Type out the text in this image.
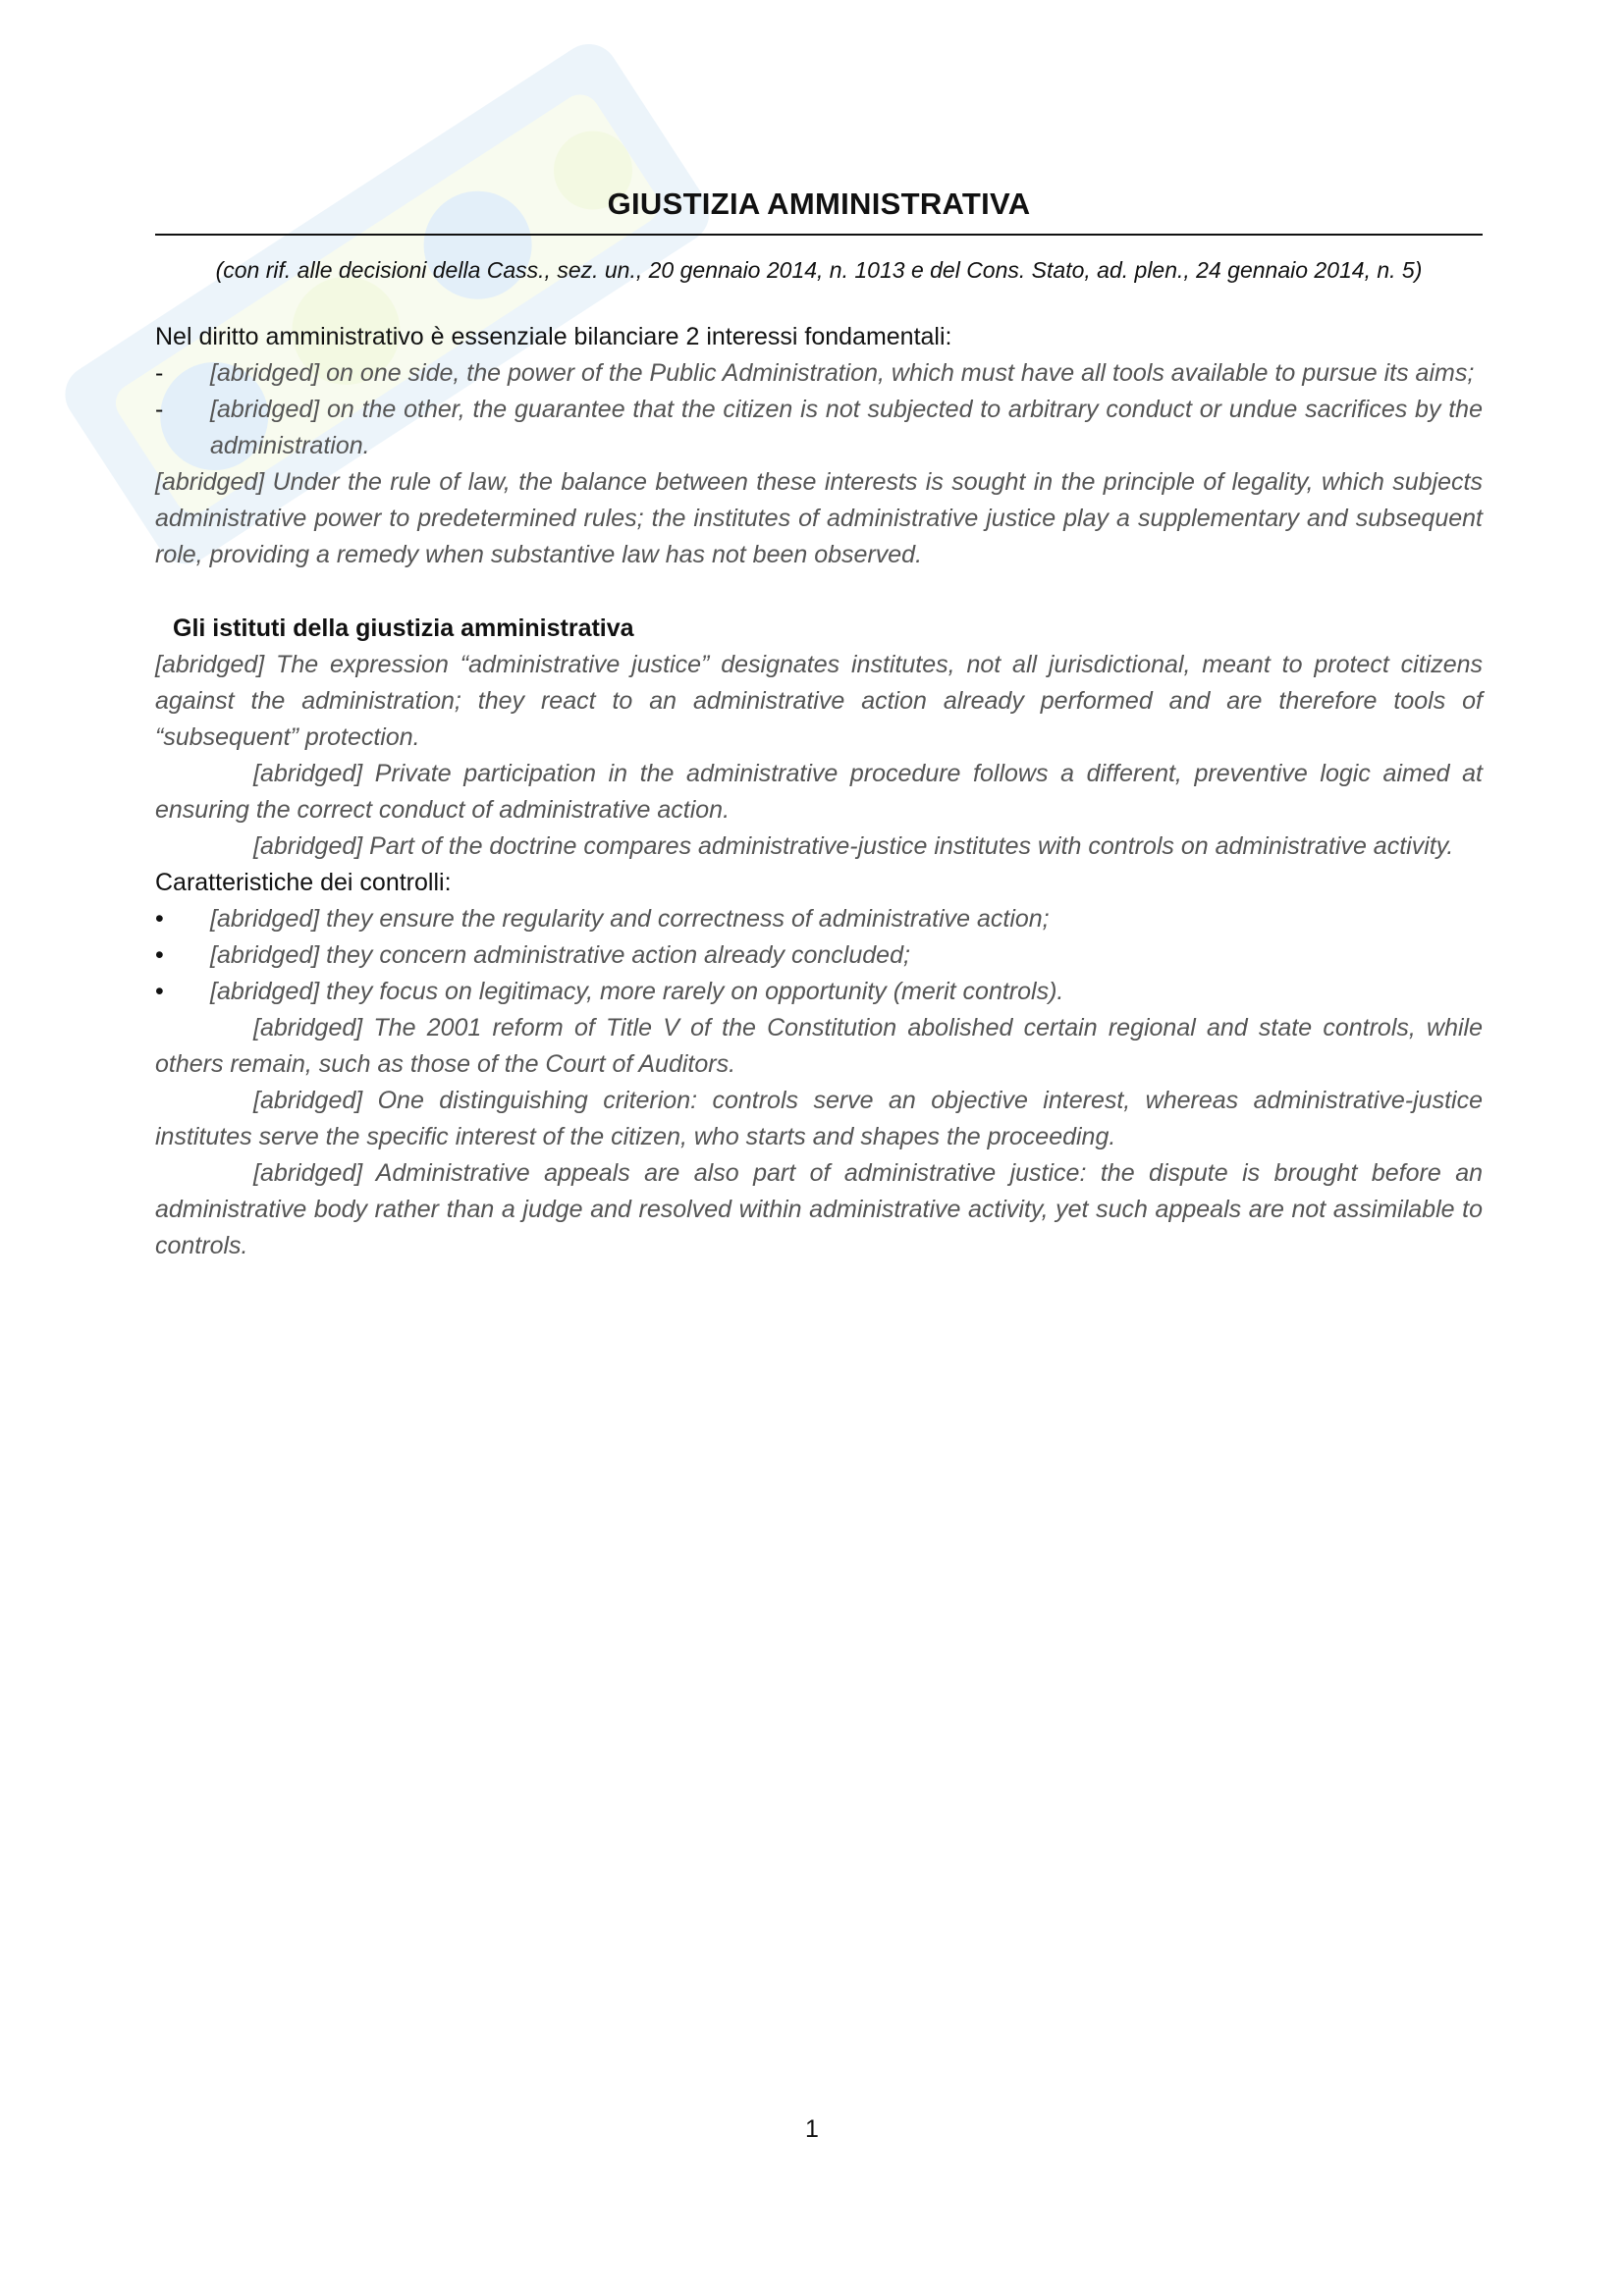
GIUSTIZIA AMMINISTRATIVA

(con rif. alle decisioni della Cass., sez. un., 20 gennaio 2014, n. 1013 e del Cons. Stato, ad. plen., 24 gennaio 2014, n. 5)

Nel diritto amministrativo è essenziale bilanciare 2 interessi fondamentali:

- [abridged] on one side, the power of the Public Administration, which must have all tools available to pursue its aims;
- [abridged] on the other, the guarantee that the citizen is not subjected to arbitrary conduct or undue sacrifices by the administration.

[abridged] Under the rule of law, the balance between these interests is sought in the principle of legality, which subjects administrative power to predetermined rules; the institutes of administrative justice play a supplementary and subsequent role, providing a remedy when substantive law has not been observed.

Gli istituti della giustizia amministrativa

[abridged] The expression “administrative justice” designates institutes, not all jurisdictional, meant to protect citizens against the administration; they react to an administrative action already performed and are therefore tools of “subsequent” protection.

[abridged] Private participation in the administrative procedure follows a different, preventive logic aimed at ensuring the correct conduct of administrative action.

[abridged] Part of the doctrine compares administrative-justice institutes with controls on administrative activity.

Caratteristiche dei controlli:

• [abridged] they ensure the regularity and correctness of administrative action;
• [abridged] they concern administrative action already concluded;
• [abridged] they focus on legitimacy, more rarely on opportunity (merit controls).

[abridged] The 2001 reform of Title V of the Constitution abolished certain regional and state controls, while others remain, such as those of the Court of Auditors.

[abridged] One distinguishing criterion: controls serve an objective interest, whereas administrative-justice institutes serve the specific interest of the citizen, who starts and shapes the proceeding.

[abridged] Administrative appeals are also part of administrative justice: the dispute is brought before an administrative body rather than a judge and resolved within administrative activity, yet such appeals are not assimilable to controls.

1
